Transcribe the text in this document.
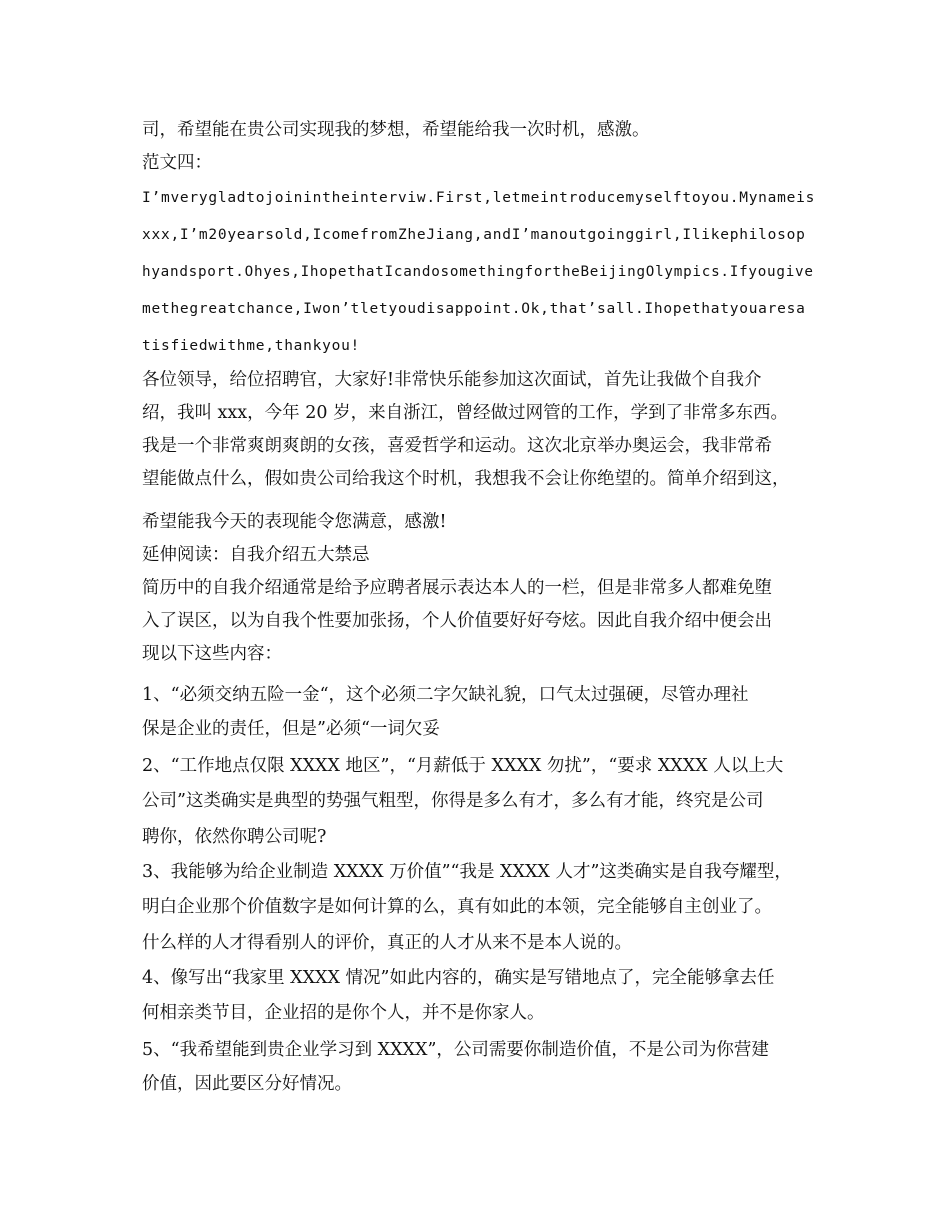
司，希望能在贵公司实现我的梦想，希望能给我一次时机，感激。
范文四：
I’mverygladtojoinintheinterviw.First,letmeintroducemyselftoyou.Mynameis
xxx,I’m20yearsold,IcomefromZheJiang,andI’manoutgoinggirl,Ilikephilosop
hyandsport.Ohyes,IhopethatIcandosomethingfortheBeijingOlympics.Ifyougive
methegreatchance,Iwon’tletyoudisappoint.Ok,that’sall.Ihopethatyouaresa
tisfiedwithme,thankyou!
各位领导，给位招聘官，大家好!非常快乐能参加这次面试，首先让我做个自我介
绍，我叫 xxx，今年 20 岁，来自浙江，曾经做过网管的工作，学到了非常多东西。
我是一个非常爽朗爽朗的女孩，喜爱哲学和运动。这次北京举办奥运会，我非常希
望能做点什么，假如贵公司给我这个时机，我想我不会让你绝望的。简单介绍到这，
希望能我今天的表现能令您满意，感激!
延伸阅读：自我介绍五大禁忌
简历中的自我介绍通常是给予应聘者展示表达本人的一栏，但是非常多人都难免堕
入了误区，以为自我个性要加张扬，个人价值要好好夸炫。因此自我介绍中便会出
现以下这些内容：
1、“必须交纳五险一金“，这个必须二字欠缺礼貌，口气太过强硬，尽管办理社
保是企业的责任，但是”必须“一词欠妥
2、“工作地点仅限 XXXX 地区”，“月薪低于 XXXX 勿扰”，“要求 XXXX 人以上大
公司”这类确实是典型的势强气粗型，你得是多么有才，多么有才能，终究是公司
聘你，依然你聘公司呢?
3、我能够为给企业制造 XXXX 万价值”“我是 XXXX 人才”这类确实是自我夸耀型，
明白企业那个价值数字是如何计算的么，真有如此的本领，完全能够自主创业了。
什么样的人才得看别人的评价，真正的人才从来不是本人说的。
4、像写出“我家里 XXXX 情况”如此内容的，确实是写错地点了，完全能够拿去任
何相亲类节目，企业招的是你个人，并不是你家人。
5、“我希望能到贵企业学习到 XXXX”，公司需要你制造价值，不是公司为你营建
价值，因此要区分好情况。
